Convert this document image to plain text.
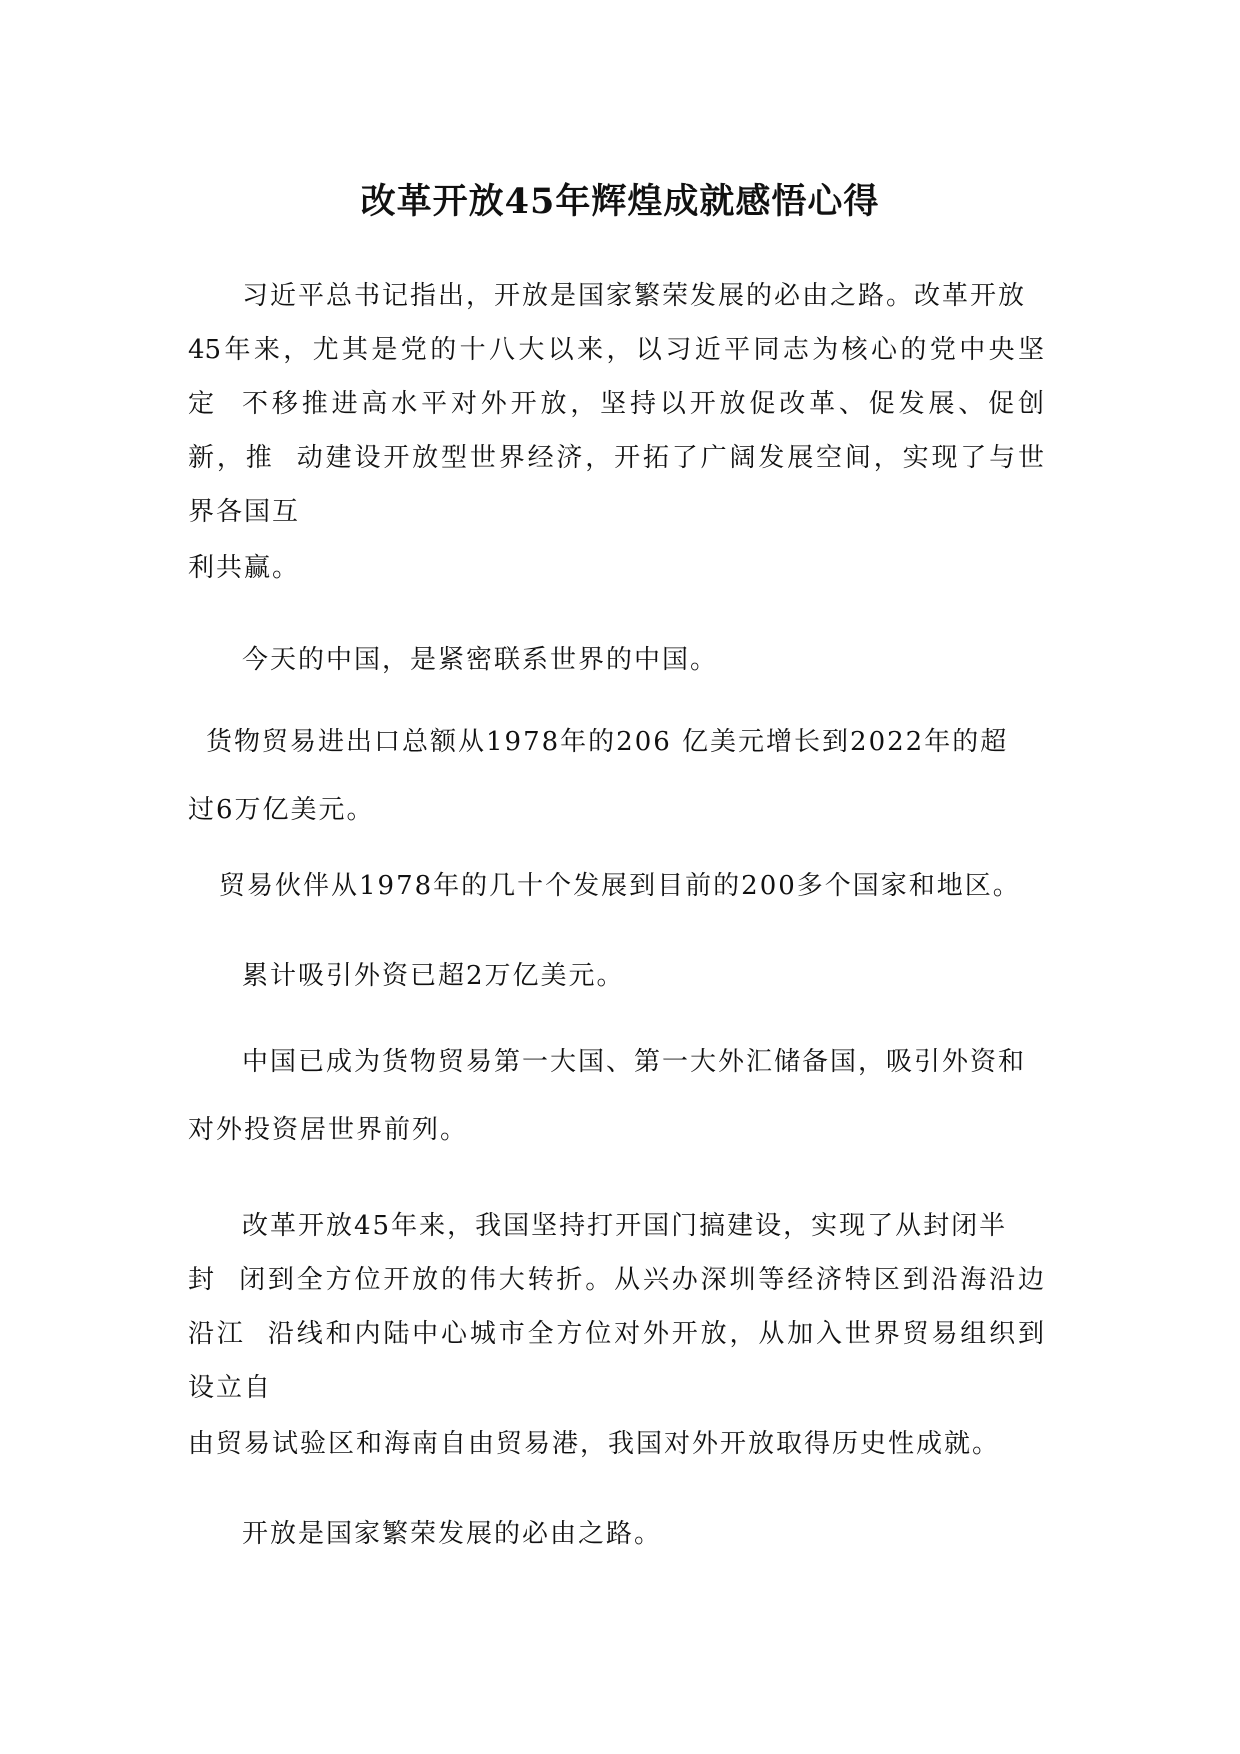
改革开放45年辉煌成就感悟心得
习近平总书记指出，开放是国家繁荣发展的必由之路。改革开放
45年来，尤其是党的十八大以来，以习近平同志为核心的党中央坚
定  不移推进高水平对外开放，坚持以开放促改革、促发展、促创
新，推  动建设开放型世界经济，开拓了广阔发展空间，实现了与世
界各国互
利共赢。
今天的中国，是紧密联系世界的中国。
货物贸易进出口总额从1978年的206 亿美元增长到2022年的超
过6万亿美元。
贸易伙伴从1978年的几十个发展到目前的200多个国家和地区。
累计吸引外资已超2万亿美元。
中国已成为货物贸易第一大国、第一大外汇储备国，吸引外资和
对外投资居世界前列。
改革开放45年来，我国坚持打开国门搞建设，实现了从封闭半
封  闭到全方位开放的伟大转折。从兴办深圳等经济特区到沿海沿边
沿江  沿线和内陆中心城市全方位对外开放，从加入世界贸易组织到
设立自
由贸易试验区和海南自由贸易港，我国对外开放取得历史性成就。
开放是国家繁荣发展的必由之路。
